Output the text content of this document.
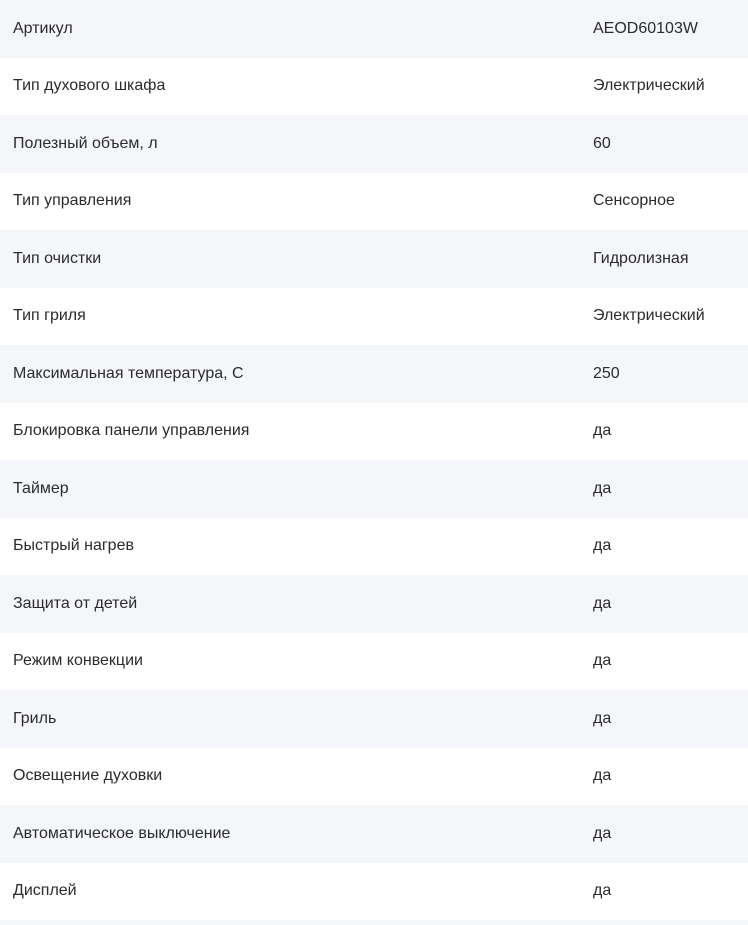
Артикул	AEOD60103W
Тип духового шкафа	Электрический
Полезный объем, л	60
Тип управления	Сенсорное
Тип очистки	Гидролизная
Тип гриля	Электрический
Максимальная температура, С	250
Блокировка панели управления	да
Таймер	да
Быстрый нагрев	да
Защита от детей	да
Режим конвекции	да
Гриль	да
Освещение духовки	да
Автоматическое выключение	да
Дисплей	да
